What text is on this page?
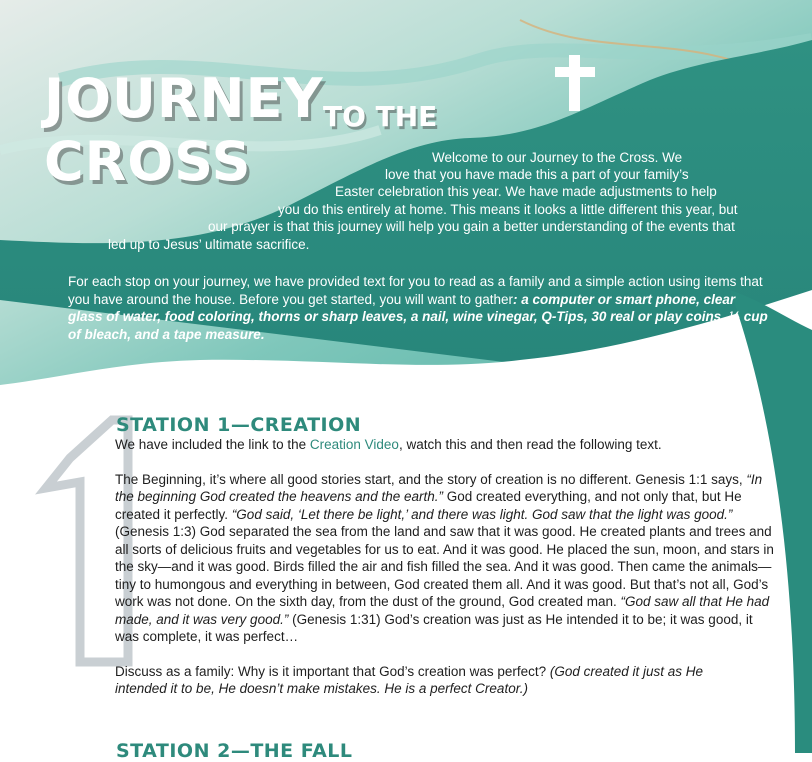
JOURNEY TO THE
CROSS	Welcome to our Journey to the Cross. We
love that you have made this a part of your family’s
Easter celebration this year. We have made adjustments to help
you do this entirely at home. This means it looks a little different this year, but
our prayer is that this journey will help you gain a better understanding of the events that
led up to Jesus’ ultimate sacrifice.
For each stop on your journey, we have provided text for you to read as a family and a simple action using items that you have around the house. Before you get started, you will want to gather: a computer or smart phone, clear glass of water, food coloring, thorns or sharp leaves, a nail, wine vinegar, Q-Tips, 30 real or play coins, ½ cup of bleach, and a tape measure.
STATION 1—CREATION

We have included the link to the Creation Video, watch this and then read the following text.

The Beginning, it’s where all good stories start, and the story of creation is no different. Genesis 1:1 says, “In the beginning God created the heavens and the earth.” God created everything, and not only that, but He created it perfectly. “God said, ‘Let there be light,’ and there was light. God saw that the light was good.” (Genesis 1:3) God separated the sea from the land and saw that it was good. He created plants and trees and all sorts of delicious fruits and vegetables for us to eat. And it was good. He placed the sun, moon, and stars in the sky—and it was good. Birds filled the air and fish filled the sea. And it was good. Then came the animals—tiny to humongous and everything in between, God created them all. And it was good. But that’s not all, God’s work was not done. On the sixth day, from the dust of the ground, God created man. “God saw all that He had made, and it was very good.” (Genesis 1:31) God’s creation was just as He intended it to be; it was good, it was complete, it was perfect…

Discuss as a family: Why is it important that God’s creation was perfect? (God created it just as He intended it to be, He doesn’t make mistakes. He is a perfect Creator.)

STATION 2—THE FALL
